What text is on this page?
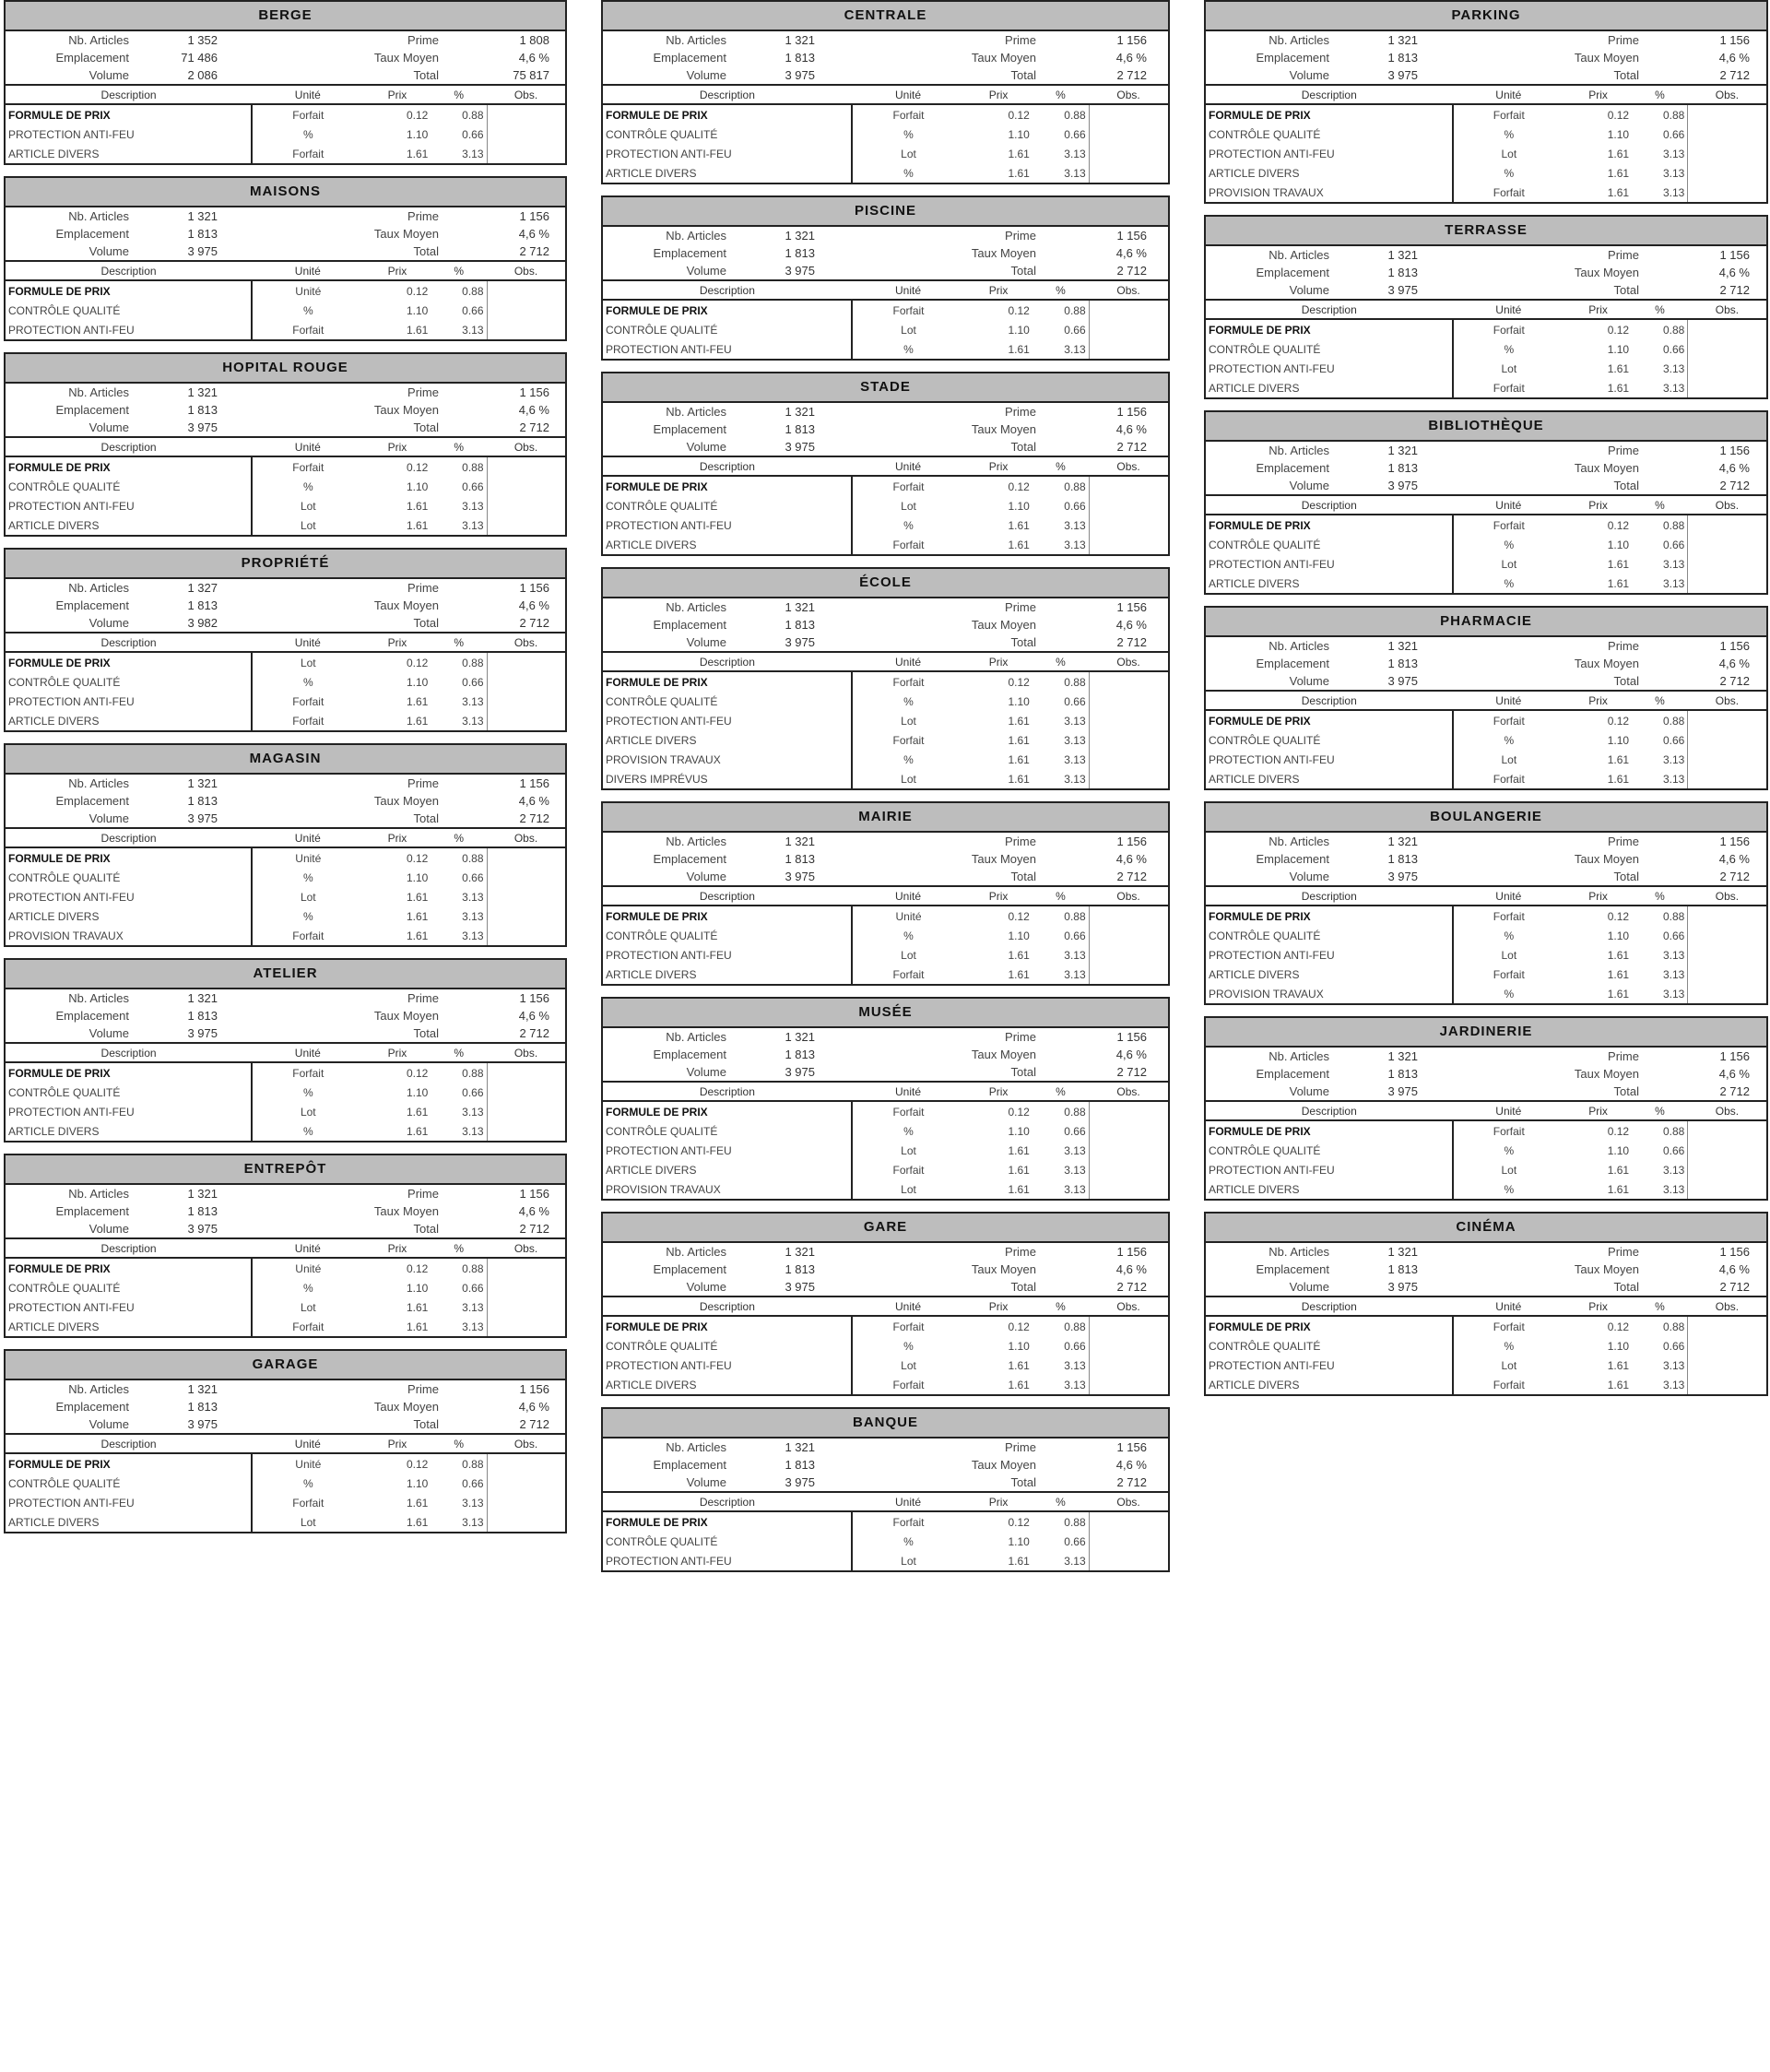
BERGE
Nb. Articles	1 352	Prime	1 808
Emplacement	71 486	Taux Moyen	4,6 %
Volume	2 086	Total	75 817
Description	Unité	Prix	%	Obs.
FORMULE DE PRIX	Forfait	0.12	0.88	
PROTECTION ANTI-FEU	%	1.10	0.66	
ARTICLE DIVERS	Forfait	1.61	3.13	
MAISONS
Nb. Articles	1 321	Prime	1 156
Emplacement	1 813	Taux Moyen	4,6 %
Volume	3 975	Total	2 712
Description	Unité	Prix	%	Obs.
FORMULE DE PRIX	Unité	0.12	0.88	
CONTRÔLE QUALITÉ	%	1.10	0.66	
PROTECTION ANTI-FEU	Forfait	1.61	3.13	
HOPITAL ROUGE
Nb. Articles	1 321	Prime	1 156
Emplacement	1 813	Taux Moyen	4,6 %
Volume	3 975	Total	2 712
Description	Unité	Prix	%	Obs.
FORMULE DE PRIX	Forfait	0.12	0.88	
CONTRÔLE QUALITÉ	%	1.10	0.66	
PROTECTION ANTI-FEU	Lot	1.61	3.13	
ARTICLE DIVERS	Lot	1.61	3.13	
PROPRIÉTÉ
Nb. Articles	1 327	Prime	1 156
Emplacement	1 813	Taux Moyen	4,6 %
Volume	3 982	Total	2 712
Description	Unité	Prix	%	Obs.
FORMULE DE PRIX	Lot	0.12	0.88	
CONTRÔLE QUALITÉ	%	1.10	0.66	
PROTECTION ANTI-FEU	Forfait	1.61	3.13	
ARTICLE DIVERS	Forfait	1.61	3.13	
MAGASIN
Nb. Articles	1 321	Prime	1 156
Emplacement	1 813	Taux Moyen	4,6 %
Volume	3 975	Total	2 712
Description	Unité	Prix	%	Obs.
FORMULE DE PRIX	Unité	0.12	0.88	
CONTRÔLE QUALITÉ	%	1.10	0.66	
PROTECTION ANTI-FEU	Lot	1.61	3.13	
ARTICLE DIVERS	%	1.61	3.13	
PROVISION TRAVAUX	Forfait	1.61	3.13	
ATELIER
Nb. Articles	1 321	Prime	1 156
Emplacement	1 813	Taux Moyen	4,6 %
Volume	3 975	Total	2 712
Description	Unité	Prix	%	Obs.
FORMULE DE PRIX	Forfait	0.12	0.88	
CONTRÔLE QUALITÉ	%	1.10	0.66	
PROTECTION ANTI-FEU	Lot	1.61	3.13	
ARTICLE DIVERS	%	1.61	3.13	
ENTREPÔT
Nb. Articles	1 321	Prime	1 156
Emplacement	1 813	Taux Moyen	4,6 %
Volume	3 975	Total	2 712
Description	Unité	Prix	%	Obs.
FORMULE DE PRIX	Unité	0.12	0.88	
CONTRÔLE QUALITÉ	%	1.10	0.66	
PROTECTION ANTI-FEU	Lot	1.61	3.13	
ARTICLE DIVERS	Forfait	1.61	3.13	
GARAGE
Nb. Articles	1 321	Prime	1 156
Emplacement	1 813	Taux Moyen	4,6 %
Volume	3 975	Total	2 712
Description	Unité	Prix	%	Obs.
FORMULE DE PRIX	Unité	0.12	0.88	
CONTRÔLE QUALITÉ	%	1.10	0.66	
PROTECTION ANTI-FEU	Forfait	1.61	3.13	
ARTICLE DIVERS	Lot	1.61	3.13	
CENTRALE
Nb. Articles	1 321	Prime	1 156
Emplacement	1 813	Taux Moyen	4,6 %
Volume	3 975	Total	2 712
Description	Unité	Prix	%	Obs.
FORMULE DE PRIX	Forfait	0.12	0.88	
CONTRÔLE QUALITÉ	%	1.10	0.66	
PROTECTION ANTI-FEU	Lot	1.61	3.13	
ARTICLE DIVERS	%	1.61	3.13	
PISCINE
Nb. Articles	1 321	Prime	1 156
Emplacement	1 813	Taux Moyen	4,6 %
Volume	3 975	Total	2 712
Description	Unité	Prix	%	Obs.
FORMULE DE PRIX	Forfait	0.12	0.88	
CONTRÔLE QUALITÉ	Lot	1.10	0.66	
PROTECTION ANTI-FEU	%	1.61	3.13	
STADE
Nb. Articles	1 321	Prime	1 156
Emplacement	1 813	Taux Moyen	4,6 %
Volume	3 975	Total	2 712
Description	Unité	Prix	%	Obs.
FORMULE DE PRIX	Forfait	0.12	0.88	
CONTRÔLE QUALITÉ	Lot	1.10	0.66	
PROTECTION ANTI-FEU	%	1.61	3.13	
ARTICLE DIVERS	Forfait	1.61	3.13	
ÉCOLE
Nb. Articles	1 321	Prime	1 156
Emplacement	1 813	Taux Moyen	4,6 %
Volume	3 975	Total	2 712
Description	Unité	Prix	%	Obs.
FORMULE DE PRIX	Forfait	0.12	0.88	
CONTRÔLE QUALITÉ	%	1.10	0.66	
PROTECTION ANTI-FEU	Lot	1.61	3.13	
ARTICLE DIVERS	Forfait	1.61	3.13	
PROVISION TRAVAUX	%	1.61	3.13	
DIVERS IMPRÉVUS	Lot	1.61	3.13	
MAIRIE
Nb. Articles	1 321	Prime	1 156
Emplacement	1 813	Taux Moyen	4,6 %
Volume	3 975	Total	2 712
Description	Unité	Prix	%	Obs.
FORMULE DE PRIX	Unité	0.12	0.88	
CONTRÔLE QUALITÉ	%	1.10	0.66	
PROTECTION ANTI-FEU	Lot	1.61	3.13	
ARTICLE DIVERS	Forfait	1.61	3.13	
MUSÉE
Nb. Articles	1 321	Prime	1 156
Emplacement	1 813	Taux Moyen	4,6 %
Volume	3 975	Total	2 712
Description	Unité	Prix	%	Obs.
FORMULE DE PRIX	Forfait	0.12	0.88	
CONTRÔLE QUALITÉ	%	1.10	0.66	
PROTECTION ANTI-FEU	Lot	1.61	3.13	
ARTICLE DIVERS	Forfait	1.61	3.13	
PROVISION TRAVAUX	Lot	1.61	3.13	
GARE
Nb. Articles	1 321	Prime	1 156
Emplacement	1 813	Taux Moyen	4,6 %
Volume	3 975	Total	2 712
Description	Unité	Prix	%	Obs.
FORMULE DE PRIX	Forfait	0.12	0.88	
CONTRÔLE QUALITÉ	%	1.10	0.66	
PROTECTION ANTI-FEU	Lot	1.61	3.13	
ARTICLE DIVERS	Forfait	1.61	3.13	
BANQUE
Nb. Articles	1 321	Prime	1 156
Emplacement	1 813	Taux Moyen	4,6 %
Volume	3 975	Total	2 712
Description	Unité	Prix	%	Obs.
FORMULE DE PRIX	Forfait	0.12	0.88	
CONTRÔLE QUALITÉ	%	1.10	0.66	
PROTECTION ANTI-FEU	Lot	1.61	3.13	
PARKING
Nb. Articles	1 321	Prime	1 156
Emplacement	1 813	Taux Moyen	4,6 %
Volume	3 975	Total	2 712
Description	Unité	Prix	%	Obs.
FORMULE DE PRIX	Forfait	0.12	0.88	
CONTRÔLE QUALITÉ	%	1.10	0.66	
PROTECTION ANTI-FEU	Lot	1.61	3.13	
ARTICLE DIVERS	%	1.61	3.13	
PROVISION TRAVAUX	Forfait	1.61	3.13	
TERRASSE
Nb. Articles	1 321	Prime	1 156
Emplacement	1 813	Taux Moyen	4,6 %
Volume	3 975	Total	2 712
Description	Unité	Prix	%	Obs.
FORMULE DE PRIX	Forfait	0.12	0.88	
CONTRÔLE QUALITÉ	%	1.10	0.66	
PROTECTION ANTI-FEU	Lot	1.61	3.13	
ARTICLE DIVERS	Forfait	1.61	3.13	
BIBLIOTHÈQUE
Nb. Articles	1 321	Prime	1 156
Emplacement	1 813	Taux Moyen	4,6 %
Volume	3 975	Total	2 712
Description	Unité	Prix	%	Obs.
FORMULE DE PRIX	Forfait	0.12	0.88	
CONTRÔLE QUALITÉ	%	1.10	0.66	
PROTECTION ANTI-FEU	Lot	1.61	3.13	
ARTICLE DIVERS	%	1.61	3.13	
PHARMACIE
Nb. Articles	1 321	Prime	1 156
Emplacement	1 813	Taux Moyen	4,6 %
Volume	3 975	Total	2 712
Description	Unité	Prix	%	Obs.
FORMULE DE PRIX	Forfait	0.12	0.88	
CONTRÔLE QUALITÉ	%	1.10	0.66	
PROTECTION ANTI-FEU	Lot	1.61	3.13	
ARTICLE DIVERS	Forfait	1.61	3.13	
BOULANGERIE
Nb. Articles	1 321	Prime	1 156
Emplacement	1 813	Taux Moyen	4,6 %
Volume	3 975	Total	2 712
Description	Unité	Prix	%	Obs.
FORMULE DE PRIX	Forfait	0.12	0.88	
CONTRÔLE QUALITÉ	%	1.10	0.66	
PROTECTION ANTI-FEU	Lot	1.61	3.13	
ARTICLE DIVERS	Forfait	1.61	3.13	
PROVISION TRAVAUX	%	1.61	3.13	
JARDINERIE
Nb. Articles	1 321	Prime	1 156
Emplacement	1 813	Taux Moyen	4,6 %
Volume	3 975	Total	2 712
Description	Unité	Prix	%	Obs.
FORMULE DE PRIX	Forfait	0.12	0.88	
CONTRÔLE QUALITÉ	%	1.10	0.66	
PROTECTION ANTI-FEU	Lot	1.61	3.13	
ARTICLE DIVERS	%	1.61	3.13	
CINÉMA
Nb. Articles	1 321	Prime	1 156
Emplacement	1 813	Taux Moyen	4,6 %
Volume	3 975	Total	2 712
Description	Unité	Prix	%	Obs.
FORMULE DE PRIX	Forfait	0.12	0.88	
CONTRÔLE QUALITÉ	%	1.10	0.66	
PROTECTION ANTI-FEU	Lot	1.61	3.13	
ARTICLE DIVERS	Forfait	1.61	3.13	
